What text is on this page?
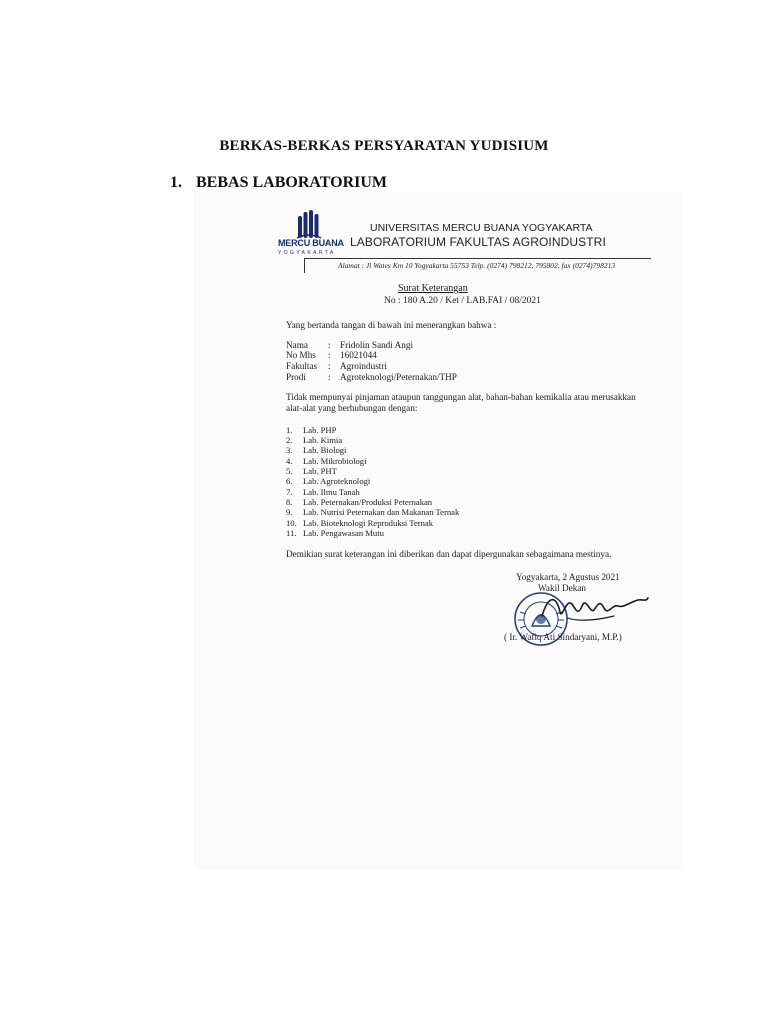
BERKAS-BERKAS PERSYARATAN YUDISIUM
1. BEBAS LABORATORIUM
MERCU BUANA
YOGYAKARTA
UNIVERSITAS MERCU BUANA YOGYAKARTA
LABORATORIUM FAKULTAS AGROINDUSTRI
Alamat : Jl Wates Km 10 Yogyakarta 55753 Telp. (0274) 798212, 795802, fax (0274)798213
Surat Keterangan
No : 180 A.20 / Ket / LAB.FAI / 08/2021
Yang bertanda tangan di bawah ini menerangkan bahwa :
Nama : Fridolin Sandi Angi
No Mhs : 16021044
Fakultas : Agroindustri
Prodi : Agroteknologi/Peternakan/THP
Tidak mempunyai pinjaman ataupun tanggungan alat, bahan-bahan kemikalia atau merusakkan
alat-alat yang berhubungan dengan:
1. Lab. PHP
2. Lab. Kimia
3. Lab. Biologi
4. Lab. Mikrobiologi
5. Lab. PHT
6. Lab. Agroteknologi
7. Lab. Ilmu Tanah
8. Lab. Peternakan/Produksi Peternakan
9. Lab. Nutrisi Peternakan dan Makanan Ternak
10. Lab. Bioteknologi Reproduksi Ternak
11. Lab. Pengawasan Mutu
Demikian surat keterangan ini diberikan dan dapat dipergunakan sebagaimana mestinya.
Yogyakarta, 2 Agustus 2021
Wakil Dekan
( Ir. Wafiq Ati Sindaryani, M.P.)
